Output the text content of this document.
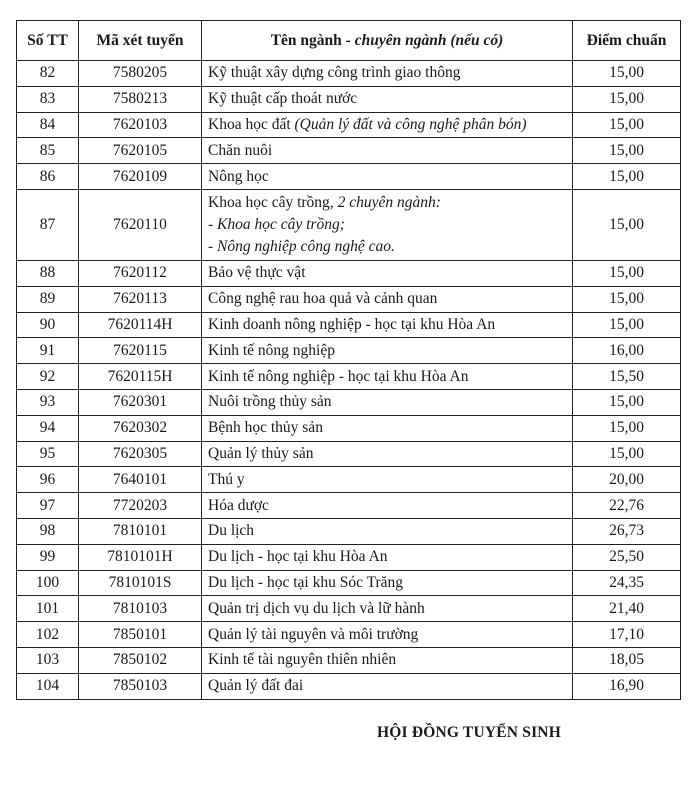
Số TT	Mã xét tuyển	Tên ngành - chuyên ngành (nếu có)	Điểm chuẩn
82	7580205	Kỹ thuật xây dựng công trình giao thông	15,00
83	7580213	Kỹ thuật cấp thoát nước	15,00
84	7620103	Khoa học đất (Quản lý đất và công nghệ phân bón)	15,00
85	7620105	Chăn nuôi	15,00
86	7620109	Nông học	15,00
87	7620110	Khoa học cây trồng, 2 chuyên ngành:
- Khoa học cây trồng;
- Nông nghiệp công nghệ cao.	15,00
88	7620112	Bảo vệ thực vật	15,00
89	7620113	Công nghệ rau hoa quả và cảnh quan	15,00
90	7620114H	Kinh doanh nông nghiệp - học tại khu Hòa An	15,00
91	7620115	Kinh tế nông nghiệp	16,00
92	7620115H	Kinh tế nông nghiệp - học tại khu Hòa An	15,50
93	7620301	Nuôi trồng thủy sản	15,00
94	7620302	Bệnh học thủy sản	15,00
95	7620305	Quản lý thủy sản	15,00
96	7640101	Thú y	20,00
97	7720203	Hóa dược	22,76
98	7810101	Du lịch	26,73
99	7810101H	Du lịch - học tại khu Hòa An	25,50
100	7810101S	Du lịch - học tại khu Sóc Trăng	24,35
101	7810103	Quản trị dịch vụ du lịch và lữ hành	21,40
102	7850101	Quản lý tài nguyên và môi trường	17,10
103	7850102	Kinh tế tài nguyên thiên nhiên	18,05
104	7850103	Quản lý đất đai	16,90
HỘI ĐỒNG TUYỂN SINH
